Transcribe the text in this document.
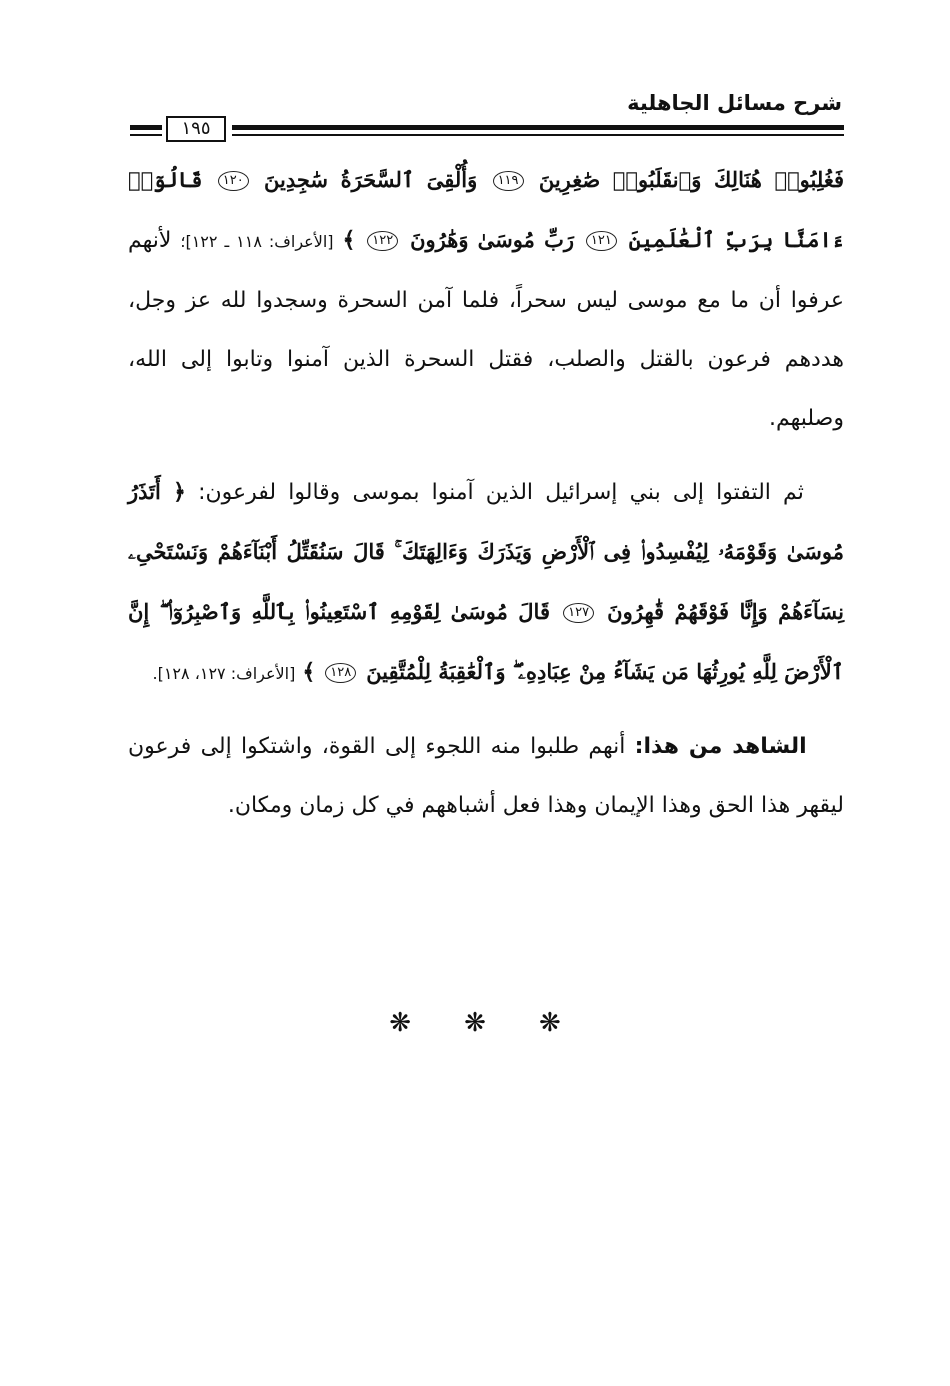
شرح مسائل الجاهلية
١٩٥

فَغُلِبُوا۟ هُنَالِكَ وَٱنقَلَبُوا۟ صَٰغِرِينَ ١١٩ وَأُلْقِىَ ٱلسَّحَرَةُ سَٰجِدِينَ ١٢٠ قَالُوٓا۟ ءَامَنَّا بِرَبِّ ٱلْعَٰلَمِينَ ١٢١ رَبِّ مُوسَىٰ وَهَٰرُونَ ١٢٢ ﴾ [الأعراف: ١١٨ ـ ١٢٢]؛ لأنهم عرفوا أن ما مع موسى ليس سحراً، فلما آمن السحرة وسجدوا لله عز وجل، هددهم فرعون بالقتل والصلب، فقتل السحرة الذين آمنوا وتابوا إلى الله، وصلبهم.

ثم التفتوا إلى بني إسرائيل الذين آمنوا بموسى وقالوا لفرعون: ﴿ أَتَذَرُ مُوسَىٰ وَقَوْمَهُۥ لِيُفْسِدُوا۟ فِى ٱلْأَرْضِ وَيَذَرَكَ وَءَالِهَتَكَ ۚ قَالَ سَنُقَتِّلُ أَبْنَآءَهُمْ وَنَسْتَحْىِۦ نِسَآءَهُمْ وَإِنَّا فَوْقَهُمْ قَٰهِرُونَ ١٢٧ قَالَ مُوسَىٰ لِقَوْمِهِ ٱسْتَعِينُوا۟ بِٱللَّهِ وَٱصْبِرُوٓا۟ ۖ إِنَّ ٱلْأَرْضَ لِلَّهِ يُورِثُهَا مَن يَشَآءُ مِنْ عِبَادِهِۦ ۖ وَٱلْعَٰقِبَةُ لِلْمُتَّقِينَ ١٢٨ ﴾ [الأعراف: ١٢٧، ١٢٨].

الشاهد من هذا: أنهم طلبوا منه اللجوء إلى القوة، واشتكوا إلى فرعون ليقهر هذا الحق وهذا الإيمان وهذا فعل أشباههم في كل زمان ومكان.

❋ ❋ ❋
